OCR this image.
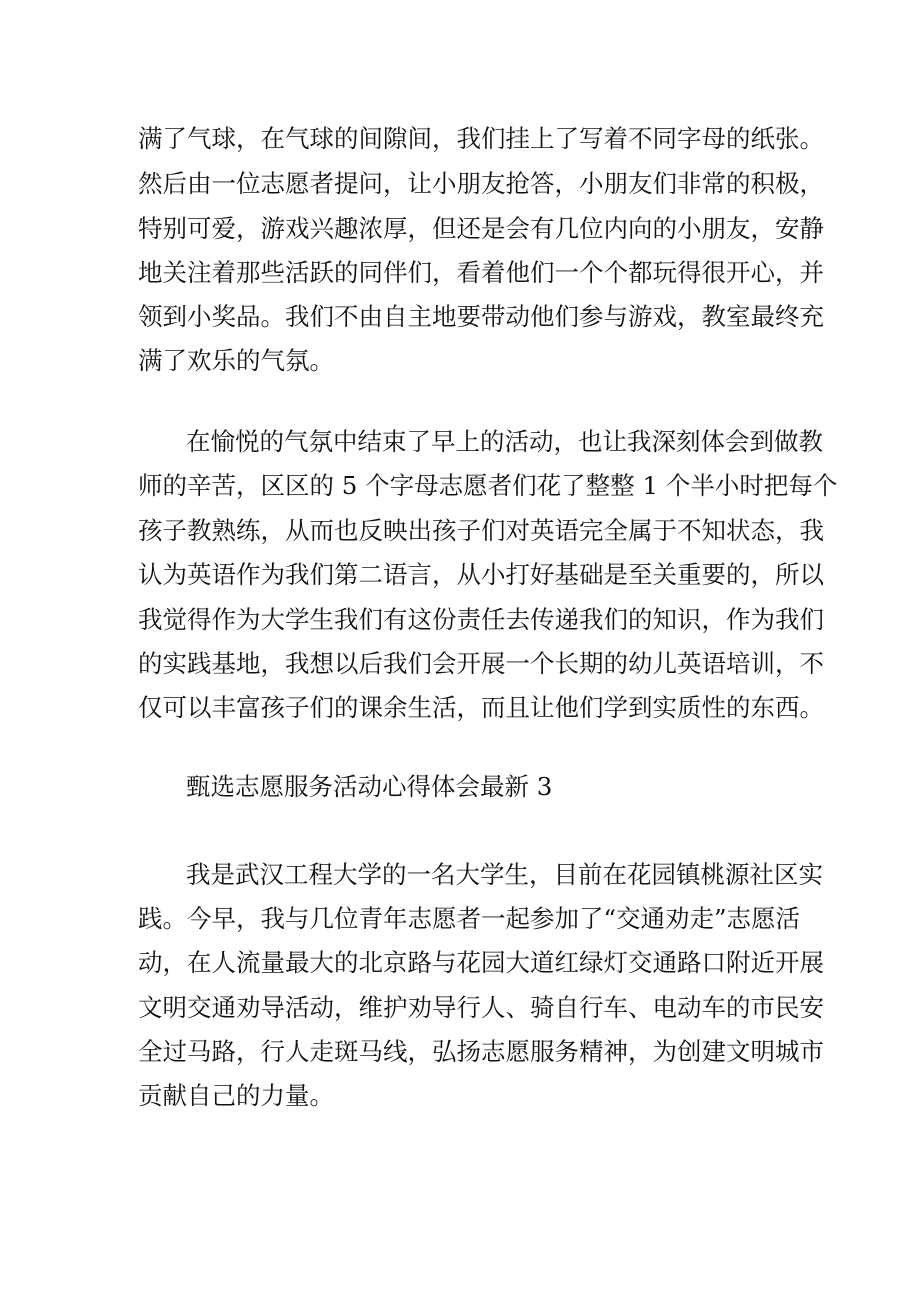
满了气球，在气球的间隙间，我们挂上了写着不同字母的纸张。
然后由一位志愿者提问，让小朋友抢答，小朋友们非常的积极，
特别可爱，游戏兴趣浓厚，但还是会有几位内向的小朋友，安静
地关注着那些活跃的同伴们，看着他们一个个都玩得很开心，并
领到小奖品。我们不由自主地要带动他们参与游戏，教室最终充
满了欢乐的气氛。
在愉悦的气氛中结束了早上的活动，也让我深刻体会到做教
师的辛苦，区区的 5 个字母志愿者们花了整整 1 个半小时把每个
孩子教熟练，从而也反映出孩子们对英语完全属于不知状态，我
认为英语作为我们第二语言，从小打好基础是至关重要的，所以
我觉得作为大学生我们有这份责任去传递我们的知识，作为我们
的实践基地，我想以后我们会开展一个长期的幼儿英语培训，不
仅可以丰富孩子们的课余生活，而且让他们学到实质性的东西。
甄选志愿服务活动心得体会最新 3
我是武汉工程大学的一名大学生，目前在花园镇桃源社区实
践。今早，我与几位青年志愿者一起参加了“交通劝走”志愿活
动，在人流量最大的北京路与花园大道红绿灯交通路口附近开展
文明交通劝导活动，维护劝导行人、骑自行车、电动车的市民安
全过马路，行人走斑马线，弘扬志愿服务精神，为创建文明城市
贡献自己的力量。
